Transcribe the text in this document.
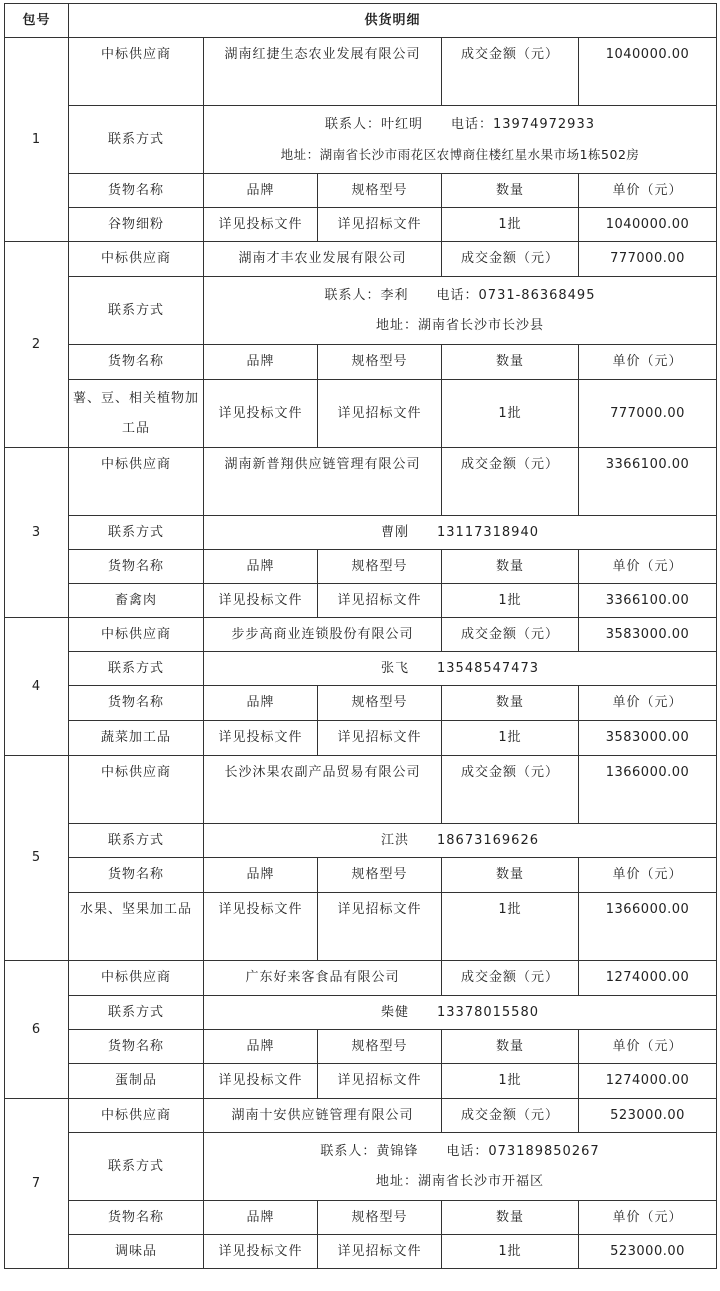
包号	供货明细				
1	中标供应商	湖南红捷生态农业发展有限公司		成交金额（元）	1040000.00
	联系方式	联系人：叶红明 电话：13974972933
地址：湖南省长沙市雨花区农博商住楼红星水果市场1栋502房			

	货物名称	品牌	规格型号	数量	单价（元）
	谷物细粉	详见投标文件	详见招标文件	1批	1040000.00
2	中标供应商	湖南才丰农业发展有限公司		成交金额（元）	777000.00
	联系方式	联系人：李利 电话：0731-86368495
地址：湖南省长沙市长沙县			

	货物名称	品牌	规格型号	数量	单价（元）
	薯、豆、相关植物加工品	详见投标文件	详见招标文件	1批	777000.00
3	中标供应商	湖南新普翔供应链管理有限公司		成交金额（元）	3366100.00
	联系方式	曹刚 13117318940			
	货物名称	品牌	规格型号	数量	单价（元）
	畜禽肉	详见投标文件	详见招标文件	1批	3366100.00
4	中标供应商	步步高商业连锁股份有限公司		成交金额（元）	3583000.00
	联系方式	张飞 13548547473			
	货物名称	品牌	规格型号	数量	单价（元）
	蔬菜加工品	详见投标文件	详见招标文件	1批	3583000.00
5	中标供应商	长沙沐果农副产品贸易有限公司		成交金额（元）	1366000.00
	联系方式	江洪 18673169626			
	货物名称	品牌	规格型号	数量	单价（元）
	水果、坚果加工品	详见投标文件	详见招标文件	1批	1366000.00
6	中标供应商	广东好来客食品有限公司		成交金额（元）	1274000.00
	联系方式	柴健 13378015580			
	货物名称	品牌	规格型号	数量	单价（元）
	蛋制品	详见投标文件	详见招标文件	1批	1274000.00
7	中标供应商	湖南十安供应链管理有限公司		成交金额（元）	523000.00
	联系方式	联系人：黄锦锋 电话：073189850267
地址：湖南省长沙市开福区			

	货物名称	品牌	规格型号	数量	单价（元）
	调味品	详见投标文件	详见招标文件	1批	523000.00
